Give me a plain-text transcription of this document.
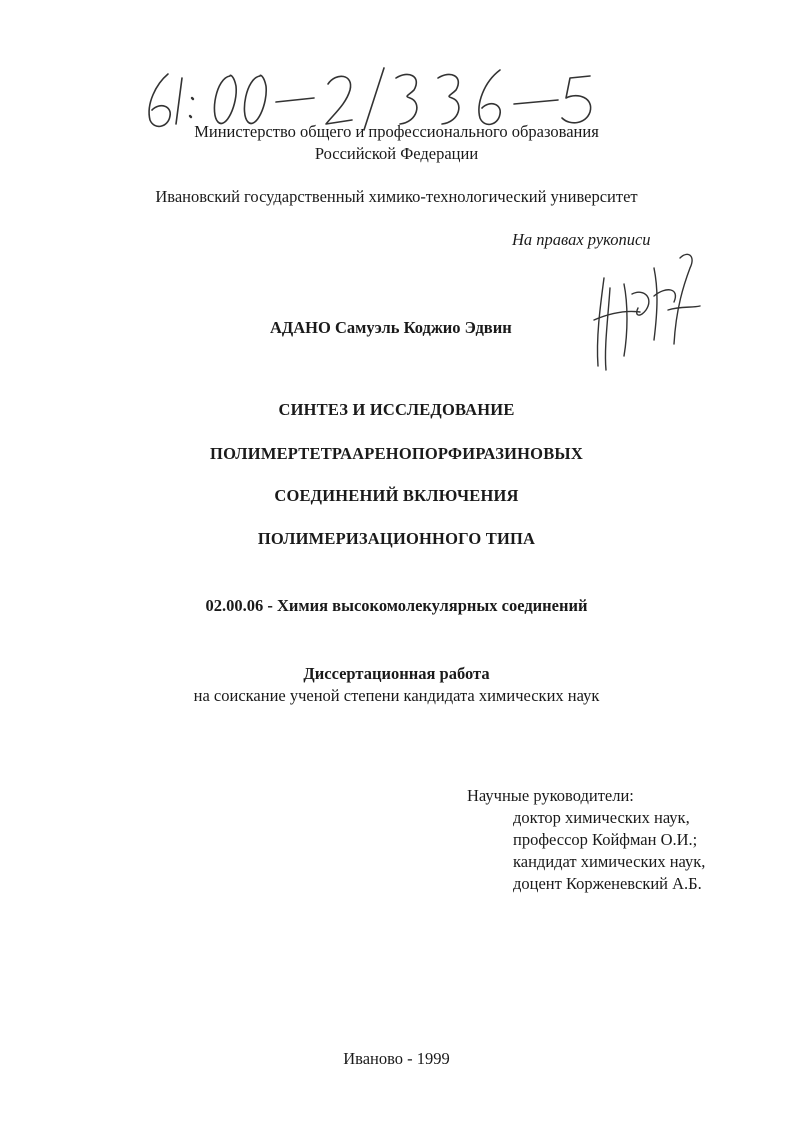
Министерство общего и профессионального образования
Российской Федерации
Ивановский государственный химико-технологический университет
На правах рукописи
АДАНО Самуэль Коджио Эдвин
СИНТЕЗ И ИССЛЕДОВАНИЕ
ПОЛИМЕРТЕТРААРЕНОПОРФИРАЗИНОВЫХ
СОЕДИНЕНИЙ ВКЛЮЧЕНИЯ
ПОЛИМЕРИЗАЦИОННОГО ТИПА
02.00.06 - Химия высокомолекулярных соединений
Диссертационная работа
на соискание ученой степени кандидата химических наук
Научные руководители:
доктор химических наук,
профессор Койфман О.И.;
кандидат химических наук,
доцент Корженевский А.Б.
Иваново - 1999
